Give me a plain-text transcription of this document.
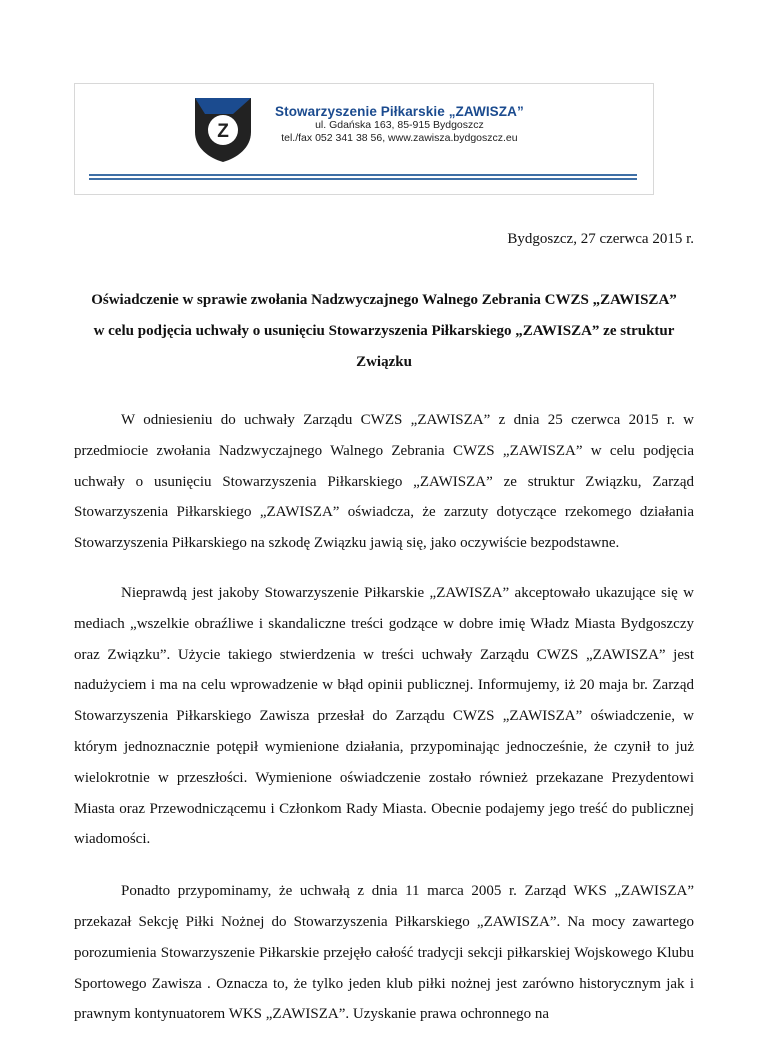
Z
Stowarzyszenie Piłkarskie „ZAWISZA”
ul. Gdańska 163, 85-915 Bydgoszcz
tel./fax 052 341 38 56, www.zawisza.bydgoszcz.eu
Bydgoszcz, 27 czerwca 2015 r.
Oświadczenie w sprawie zwołania Nadzwyczajnego Walnego Zebrania CWZS „ZAWISZA”
w celu podjęcia uchwały o usunięciu Stowarzyszenia Piłkarskiego „ZAWISZA” ze struktur
Związku

W odniesieniu do uchwały Zarządu CWZS „ZAWISZA” z dnia 25 czerwca 2015 r. w przedmiocie zwołania Nadzwyczajnego Walnego Zebrania CWZS „ZAWISZA” w celu podjęcia uchwały o usunięciu Stowarzyszenia Piłkarskiego „ZAWISZA” ze struktur Związku, Zarząd Stowarzyszenia Piłkarskiego „ZAWISZA” oświadcza, że zarzuty dotyczące rzekomego działania Stowarzyszenia Piłkarskiego na szkodę Związku jawią się, jako oczywiście bezpodstawne.

Nieprawdą jest jakoby Stowarzyszenie Piłkarskie „ZAWISZA” akceptowało ukazujące się w mediach „wszelkie obraźliwe i skandaliczne treści godzące w dobre imię Władz Miasta Bydgoszczy oraz Związku”. Użycie takiego stwierdzenia w treści uchwały Zarządu CWZS „ZAWISZA” jest nadużyciem i ma na celu wprowadzenie w błąd opinii publicznej. Informujemy, iż 20 maja br. Zarząd Stowarzyszenia Piłkarskiego Zawisza przesłał do Zarządu CWZS „ZAWISZA” oświadczenie, w którym jednoznacznie potępił wymienione działania, przypominając jednocześnie, że czynił to już wielokrotnie w przeszłości. Wymienione oświadczenie zostało również przekazane Prezydentowi Miasta oraz Przewodniczącemu i Członkom Rady Miasta. Obecnie podajemy jego treść do publicznej wiadomości.

Ponadto przypominamy, że uchwałą z dnia 11 marca 2005 r. Zarząd WKS „ZAWISZA” przekazał Sekcję Piłki Nożnej do Stowarzyszenia Piłkarskiego „ZAWISZA”. Na mocy zawartego porozumienia Stowarzyszenie Piłkarskie przejęło całość tradycji sekcji piłkarskiej Wojskowego Klubu Sportowego Zawisza . Oznacza to, że tylko jeden klub piłki nożnej jest zarówno historycznym jak i prawnym kontynuatorem WKS „ZAWISZA”. Uzyskanie prawa ochronnego na
